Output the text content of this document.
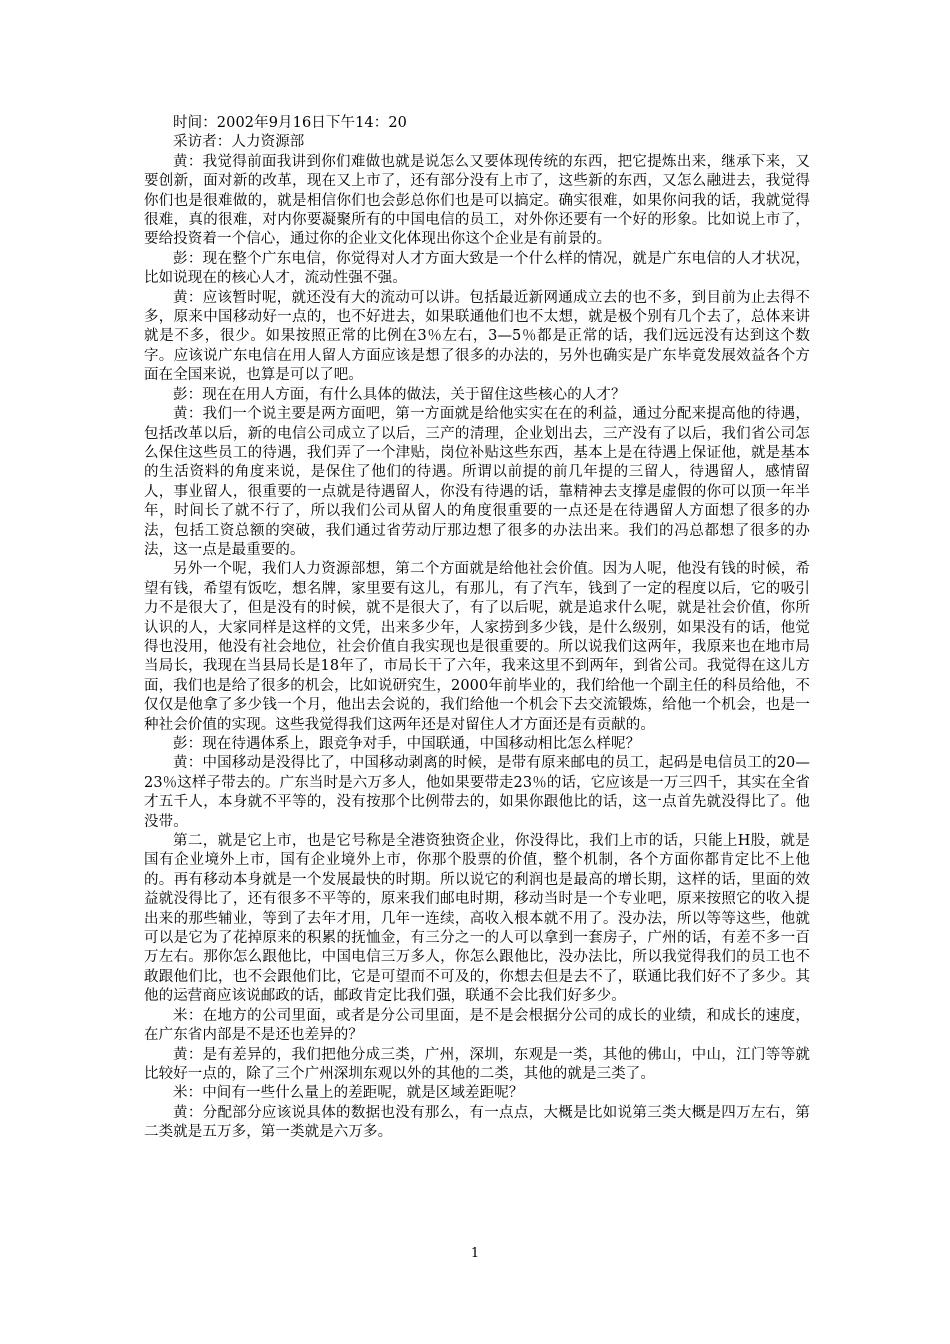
时间：2002年9月16日下午14：20

采访者：人力资源部

黄：我觉得前面我讲到你们难做也就是说怎么又要体现传统的东西，把它提炼出来，继承下来，又要创新，面对新的改革，现在又上市了，还有部分没有上市了，这些新的东西，又怎么融进去，我觉得你们也是很难做的，就是相信你们也会彭总你们也是可以搞定。确实很难，如果你问我的话，我就觉得很难，真的很难，对内你要凝聚所有的中国电信的员工，对外你还要有一个好的形象。比如说上市了，要给投资着一个信心，通过你的企业文化体现出你这个企业是有前景的。

彭：现在整个广东电信，你觉得对人才方面大致是一个什么样的情况，就是广东电信的人才状况，比如说现在的核心人才，流动性强不强。

黄：应该暂时呢，就还没有大的流动可以讲。包括最近新网通成立去的也不多，到目前为止去得不多，原来中国移动好一点的，也不好进去，如果联通他们也不太想，就是极个别有几个去了，总体来讲就是不多，很少。如果按照正常的比例在3％左右，3—5％都是正常的话，我们远远没有达到这个数字。应该说广东电信在用人留人方面应该是想了很多的办法的，另外也确实是广东毕竟发展效益各个方面在全国来说，也算是可以了吧。

彭：现在在用人方面，有什么具体的做法，关于留住这些核心的人才？

黄：我们一个说主要是两方面吧，第一方面就是给他实实在在的利益，通过分配来提高他的待遇，包括改革以后，新的电信公司成立了以后，三产的清理，企业划出去，三产没有了以后，我们省公司怎么保住这些员工的待遇，我们弄了一个津贴，岗位补贴这些东西，基本上是在待遇上保证他，就是基本的生活资料的角度来说，是保住了他们的待遇。所谓以前提的前几年提的三留人，待遇留人，感情留人，事业留人，很重要的一点就是待遇留人，你没有待遇的话，靠精神去支撑是虚假的你可以顶一年半年，时间长了就不行了，所以我们公司从留人的角度很重要的一点还是在待遇留人方面想了很多的办法，包括工资总额的突破，我们通过省劳动厅那边想了很多的办法出来。我们的冯总都想了很多的办法，这一点是最重要的。

另外一个呢，我们人力资源部想，第二个方面就是给他社会价值。因为人呢，他没有钱的时候，希望有钱，希望有饭吃，想名牌，家里要有这儿，有那儿，有了汽车，钱到了一定的程度以后，它的吸引力不是很大了，但是没有的时候，就不是很大了，有了以后呢，就是追求什么呢，就是社会价值，你所认识的人，大家同样是这样的文凭，出来多少年，人家捞到多少钱，是什么级别，如果没有的话，他觉得也没用，他没有社会地位，社会价值自我实现也是很重要的。所以说我们这两年，我原来也在地市局当局长，我现在当县局长是18年了，市局长干了六年，我来这里不到两年，到省公司。我觉得在这儿方面，我们也是给了很多的机会，比如说研究生，2000年前毕业的，我们给他一个副主任的科员给他，不仅仅是他拿了多少钱一个月，他出去会说的，我们给他一个机会下去交流锻炼，给他一个机会，也是一种社会价值的实现。这些我觉得我们这两年还是对留住人才方面还是有贡献的。

彭：现在待遇体系上，跟竞争对手，中国联通，中国移动相比怎么样呢？

黄：中国移动是没得比了，中国移动剥离的时候，是带有原来邮电的员工，起码是电信员工的20—23％这样子带去的。广东当时是六万多人，他如果要带走23％的话，它应该是一万三四千，其实在全省才五千人，本身就不平等的，没有按那个比例带去的，如果你跟他比的话，这一点首先就没得比了。他没带。

第二，就是它上市，也是它号称是全港资独资企业，你没得比，我们上市的话，只能上H股，就是国有企业境外上市，国有企业境外上市，你那个股票的价值，整个机制，各个方面你都肯定比不上他的。再有移动本身就是一个发展最快的时期。所以说它的利润也是最高的增长期，这样的话，里面的效益就没得比了，还有很多不平等的，原来我们邮电时期，移动当时是一个专业吧，原来按照它的收入提出来的那些辅业，等到了去年才用，几年一连续，高收入根本就不用了。没办法，所以等等这些，他就可以是它为了花掉原来的积累的抚恤金，有三分之一的人可以拿到一套房子，广州的话，有差不多一百万左右。那你怎么跟他比，中国电信三万多人，你怎么跟他比，没办法比，所以我觉得我们的员工也不敢跟他们比，也不会跟他们比，它是可望而不可及的，你想去但是去不了，联通比我们好不了多少。其他的运营商应该说邮政的话，邮政肯定比我们强，联通不会比我们好多少。

米：在地方的公司里面，或者是分公司里面，是不是会根据分公司的成长的业绩，和成长的速度，在广东省内部是不是还也差异的？

黄：是有差异的，我们把他分成三类，广州，深圳，东观是一类，其他的佛山，中山，江门等等就比较好一点的，除了三个广州深圳东观以外的其他的二类，其他的就是三类了。

米：中间有一些什么量上的差距呢，就是区域差距呢？

黄：分配部分应该说具体的数据也没有那么，有一点点，大概是比如说第三类大概是四万左右，第二类就是五万多，第一类就是六万多。

1
